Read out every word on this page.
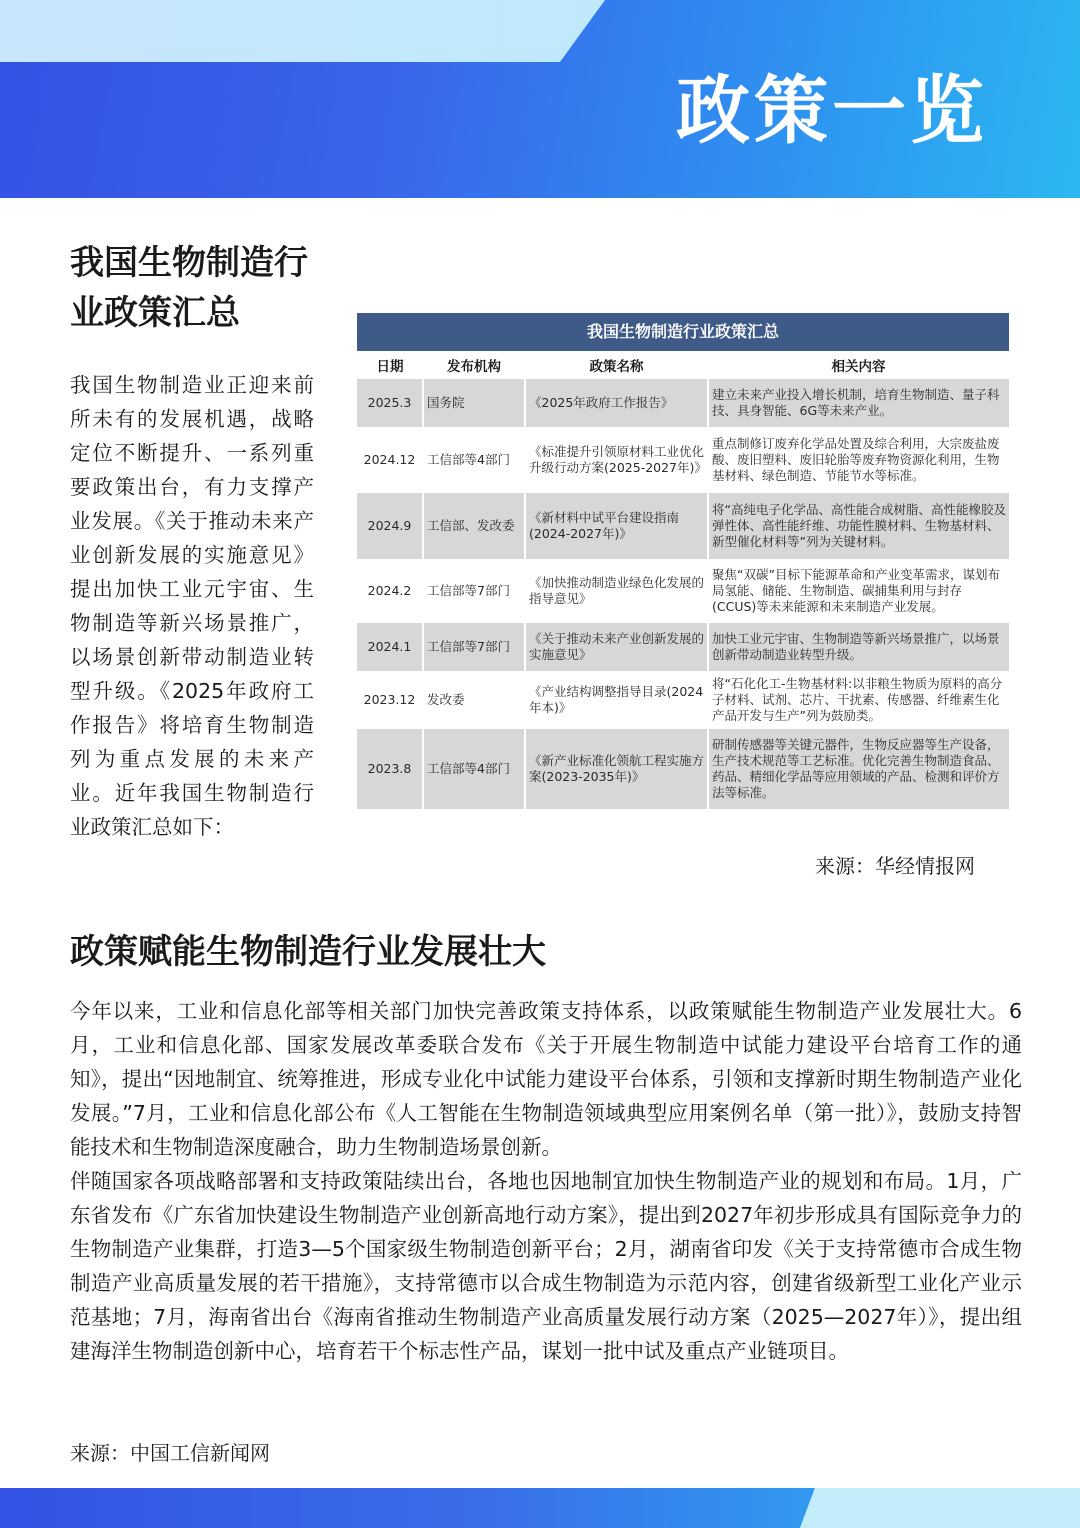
政策一览
我国生物制造行业政策汇总
我国生物制造业正迎来前所未有的发展机遇，战略定位不断提升、一系列重要政策出台，有力支撑产业发展。《关于推动未来产业创新发展的实施意见》提出加快工业元宇宙、生物制造等新兴场景推广，以场景创新带动制造业转型升级。《2025年政府工作报告》将培育生物制造列为重点发展的未来产业。近年我国生物制造行业政策汇总如下：
我国生物制造行业政策汇总
日期	发布机构	政策名称	相关内容
2025.3	国务院	《2025年政府工作报告》	建立未来产业投入增长机制，培育生物制造、量子科技、具身智能、6G等未来产业。
2024.12	工信部等4部门	《标准提升引领原材料工业优化升级行动方案(2025-2027年)》	重点制修订废弃化学品处置及综合利用，大宗废盐废酸、废旧塑料、废旧轮胎等废弃物资源化利用，生物基材料、绿色制造、节能节水等标准。
2024.9	工信部、发改委	《新材料中试平台建设指南(2024-2027年)》	将“高纯电子化学品、高性能合成树脂、高性能橡胶及弹性体、高性能纤维、功能性膜材料、生物基材料、新型催化材料等”列为关键材料。
2024.2	工信部等7部门	《加快推动制造业绿色化发展的指导意见》	聚焦“双碳”目标下能源革命和产业变革需求，谋划布局氢能、储能、生物制造、碳捕集利用与封存(CCUS)等未来能源和未来制造产业发展。
2024.1	工信部等7部门	《关于推动未来产业创新发展的实施意见》	加快工业元宇宙、生物制造等新兴场景推广，以场景创新带动制造业转型升级。
2023.12	发改委	《产业结构调整指导目录(2024年本)》	将“石化化工-生物基材料:以非粮生物质为原料的高分子材料、试剂、芯片、干扰素、传感器、纤维素生化产品开发与生产”列为鼓励类。
2023.8	工信部等4部门	《新产业标准化领航工程实施方案(2023-2035年)》	研制传感器等关键元器件，生物反应器等生产设备，生产技术规范等工艺标准。优化完善生物制造食品、药品、精细化学品等应用领域的产品、检测和评价方法等标准。
来源：华经情报网
政策赋能生物制造行业发展壮大

今年以来，工业和信息化部等相关部门加快完善政策支持体系，以政策赋能生物制造产业发展壮大。6月，工业和信息化部、国家发展改革委联合发布《关于开展生物制造中试能力建设平台培育工作的通知》，提出“因地制宜、统筹推进，形成专业化中试能力建设平台体系，引领和支撑新时期生物制造产业化发展。”7月，工业和信息化部公布《人工智能在生物制造领域典型应用案例名单（第一批）》，鼓励支持智能技术和生物制造深度融合，助力生物制造场景创新。

伴随国家各项战略部署和支持政策陆续出台，各地也因地制宜加快生物制造产业的规划和布局。1月，广东省发布《广东省加快建设生物制造产业创新高地行动方案》，提出到2027年初步形成具有国际竞争力的生物制造产业集群，打造3—5个国家级生物制造创新平台；2月，湖南省印发《关于支持常德市合成生物制造产业高质量发展的若干措施》，支持常德市以合成生物制造为示范内容，创建省级新型工业化产业示范基地；7月，海南省出台《海南省推动生物制造产业高质量发展行动方案（2025—2027年）》，提出组建海洋生物制造创新中心，培育若干个标志性产品，谋划一批中试及重点产业链项目。

来源：中国工信新闻网
